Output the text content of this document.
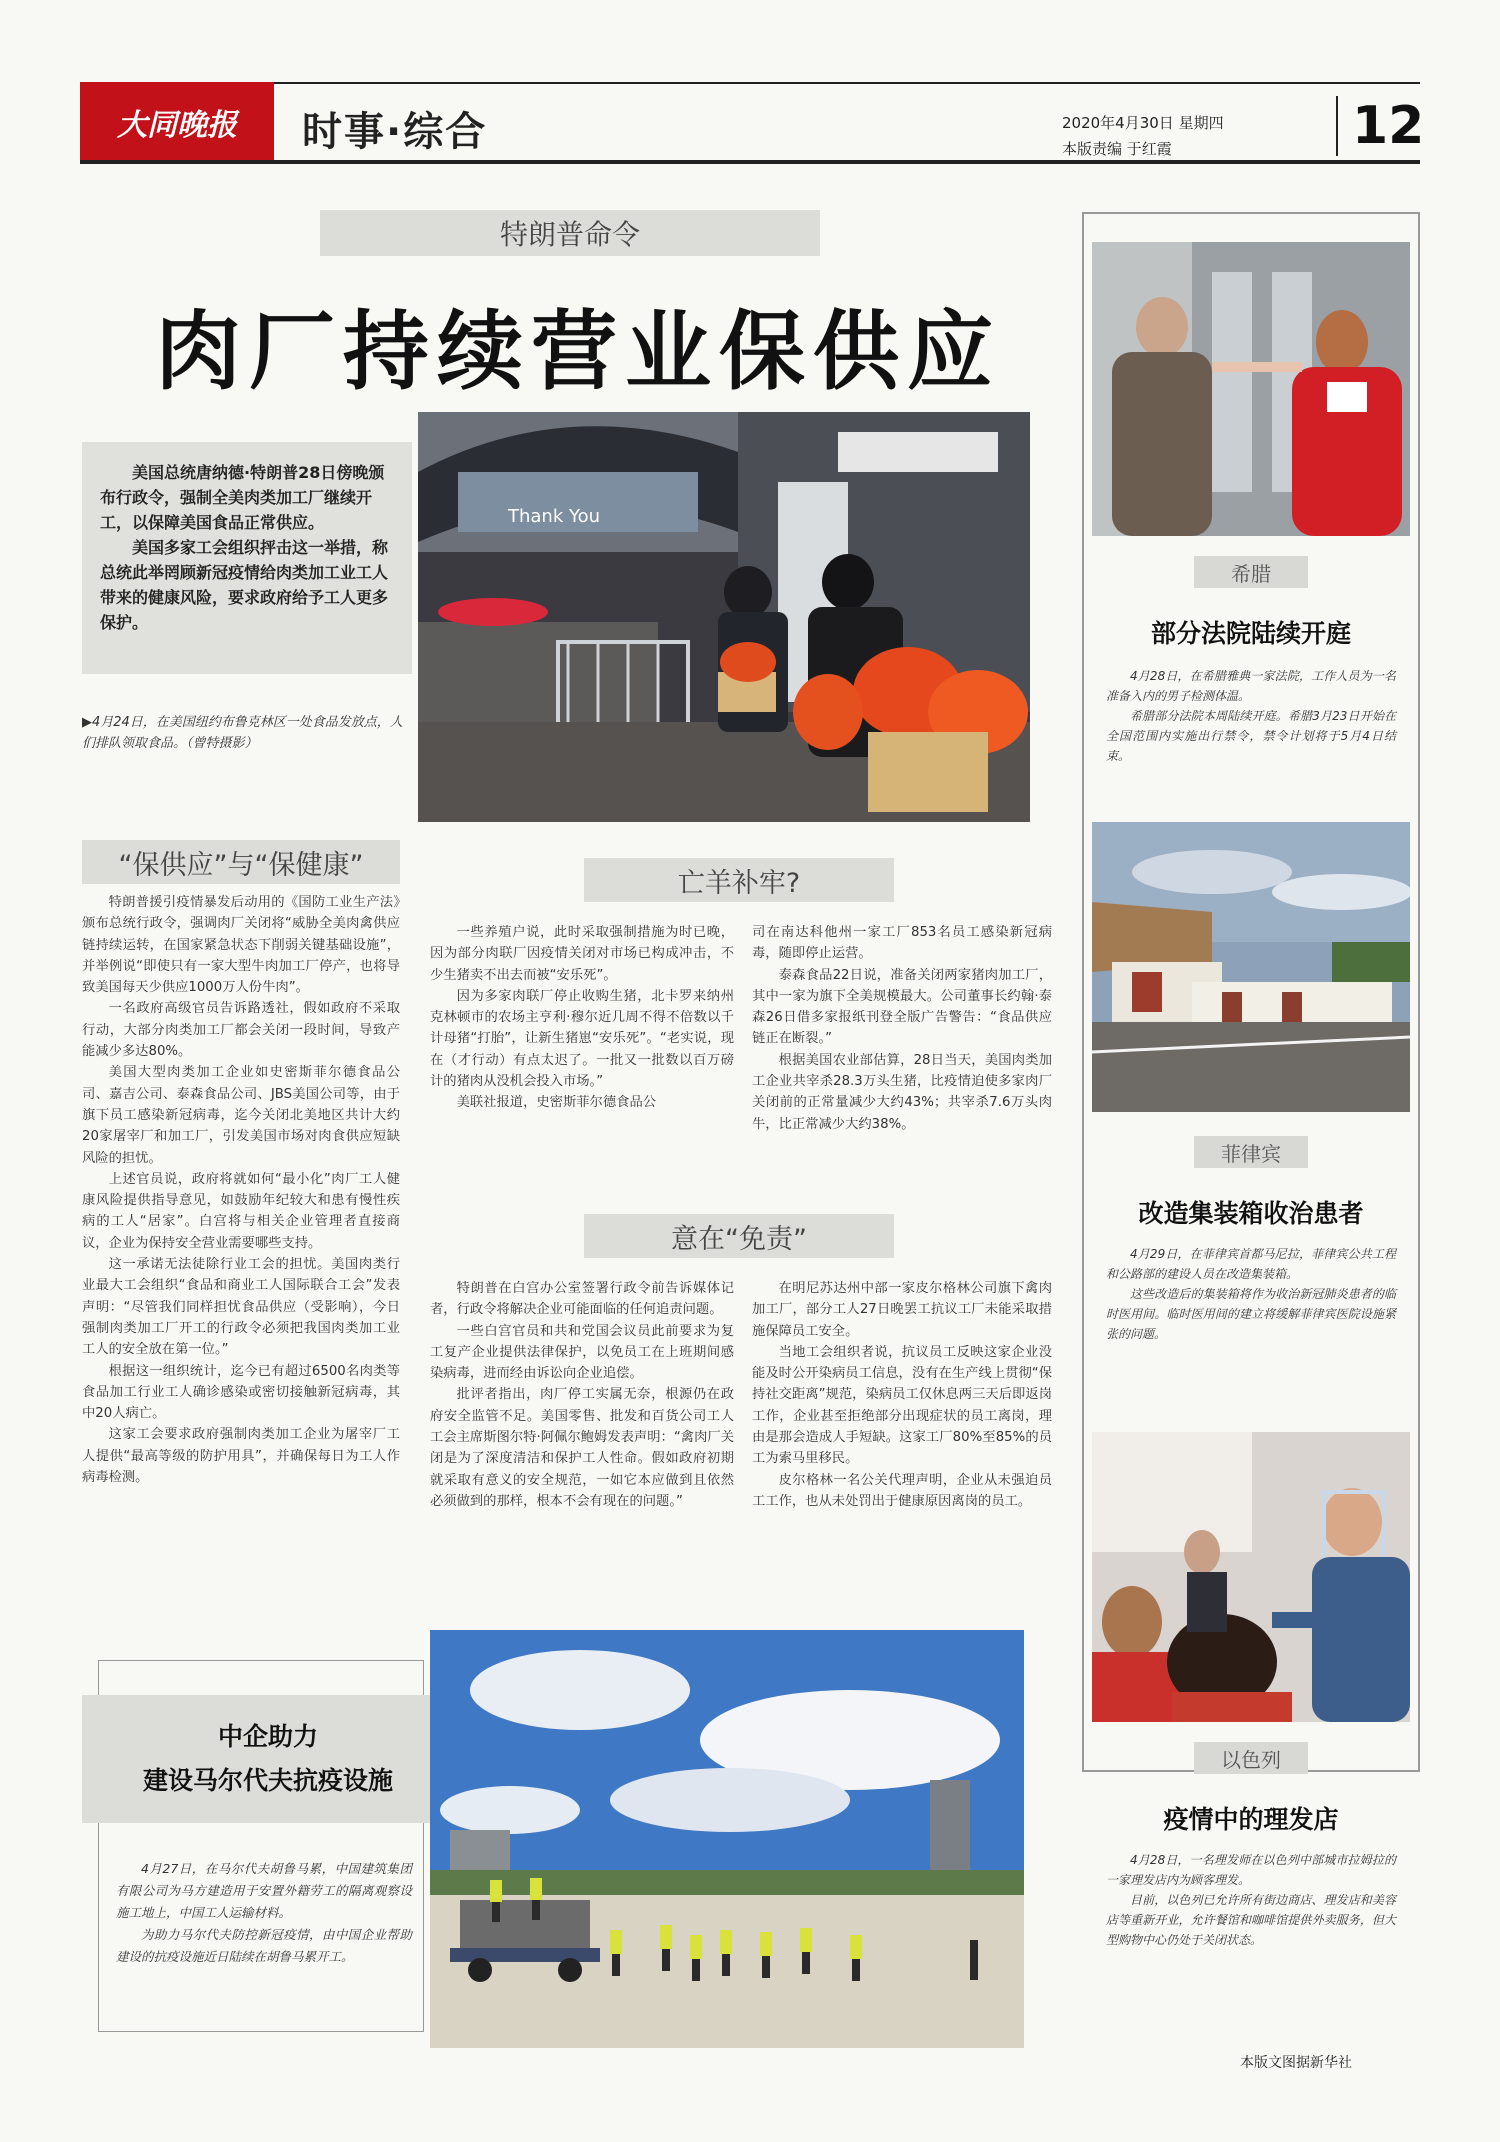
大同晚报	时事·综合	2020年4月30日 星期四
本版责编 于红霞	12
特朗普命令
肉厂持续营业保供应

美国总统唐纳德·特朗普28日傍晚颁布行政令，强制全美肉类加工厂继续开工，以保障美国食品正常供应。

美国多家工会组织抨击这一举措，称总统此举罔顾新冠疫情给肉类加工业工人带来的健康风险，要求政府给予工人更多保护。

▶4月24日，在美国纽约布鲁克林区一处食品发放点，人们排队领取食品。（曾特摄影）
Thank You
“保供应”与“保健康”

特朗普援引疫情暴发后动用的《国防工业生产法》颁布总统行政令，强调肉厂关闭将“威胁全美肉禽供应链持续运转，在国家紧急状态下削弱关键基础设施”，并举例说“即使只有一家大型牛肉加工厂停产，也将导致美国每天少供应1000万人份牛肉”。

一名政府高级官员告诉路透社，假如政府不采取行动，大部分肉类加工厂都会关闭一段时间，导致产能减少多达80%。

美国大型肉类加工企业如史密斯菲尔德食品公司、嘉吉公司、泰森食品公司、JBS美国公司等，由于旗下员工感染新冠病毒，迄今关闭北美地区共计大约20家屠宰厂和加工厂，引发美国市场对肉食供应短缺风险的担忧。

上述官员说，政府将就如何“最小化”肉厂工人健康风险提供指导意见，如鼓励年纪较大和患有慢性疾病的工人“居家”。白宫将与相关企业管理者直接商议，企业为保持安全营业需要哪些支持。

这一承诺无法徒除行业工会的担忧。美国肉类行业最大工会组织“食品和商业工人国际联合工会”发表声明：“尽管我们同样担忧食品供应（受影响），今日强制肉类加工厂开工的行政令必须把我国肉类加工业工人的安全放在第一位。”

根据这一组织统计，迄今已有超过6500名肉类等食品加工行业工人确诊感染或密切接触新冠病毒，其中20人病亡。

这家工会要求政府强制肉类加工企业为屠宰厂工人提供“最高等级的防护用具”，并确保每日为工人作病毒检测。

亡羊补牢?

一些养殖户说，此时采取强制措施为时已晚，因为部分肉联厂因疫情关闭对市场已构成冲击，不少生猪卖不出去而被“安乐死”。

因为多家肉联厂停止收购生猪，北卡罗来纳州克林顿市的农场主亨利·穆尔近几周不得不倍数以千计母猪“打胎”，让新生猪崽“安乐死”。“老实说，现在（才行动）有点太迟了。一批又一批数以百万磅计的猪肉从没机会投入市场。”

美联社报道，史密斯菲尔德食品公

司在南达科他州一家工厂853名员工感染新冠病毒，随即停止运营。

泰森食品22日说，准备关闭两家猪肉加工厂，其中一家为旗下全美规模最大。公司董事长约翰·泰森26日借多家报纸刊登全版广告警告：“食品供应链正在断裂。”

根据美国农业部估算，28日当天，美国肉类加工企业共宰杀28.3万头生猪，比疫情迫使多家肉厂关闭前的正常量减少大约43%；共宰杀7.6万头肉牛，比正常减少大约38%。

意在“免责”

特朗普在白宫办公室签署行政令前告诉媒体记者，行政令将解决企业可能面临的任何追责问题。

一些白宫官员和共和党国会议员此前要求为复工复产企业提供法律保护，以免员工在上班期间感染病毒，进而经由诉讼向企业追偿。

批评者指出，肉厂停工实属无奈，根源仍在政府安全监管不足。美国零售、批发和百货公司工人工会主席斯图尔特·阿佩尔鲍姆发表声明：“禽肉厂关闭是为了深度清洁和保护工人性命。假如政府初期就采取有意义的安全规范，一如它本应做到且依然必须做到的那样，根本不会有现在的问题。”

在明尼苏达州中部一家皮尔格林公司旗下禽肉加工厂，部分工人27日晚罢工抗议工厂未能采取措施保障员工安全。

当地工会组织者说，抗议员工反映这家企业没能及时公开染病员工信息，没有在生产线上贯彻“保持社交距离”规范，染病员工仅休息两三天后即返岗工作，企业甚至拒绝部分出现症状的员工离岗，理由是那会造成人手短缺。这家工厂80%至85%的员工为索马里移民。

皮尔格林一名公关代理声明，企业从未强迫员工工作，也从未处罚出于健康原因离岗的员工。

希腊
部分法院陆续开庭

4月28日，在希腊雅典一家法院，工作人员为一名准备入内的男子检测体温。

希腊部分法院本周陆续开庭。希腊3月23日开始在全国范围内实施出行禁令，禁令计划将于5月4日结束。

菲律宾
改造集装箱收治患者

4月29日，在菲律宾首都马尼拉，菲律宾公共工程和公路部的建设人员在改造集装箱。

这些改造后的集装箱将作为收治新冠肺炎患者的临时医用间。临时医用间的建立将缓解菲律宾医院设施紧张的问题。

以色列
疫情中的理发店

4月28日，一名理发师在以色列中部城市拉姆拉的一家理发店内为顾客理发。

目前，以色列已允许所有街边商店、理发店和美容店等重新开业，允许餐馆和咖啡馆提供外卖服务，但大型购物中心仍处于关闭状态。

中企助力
建设马尔代夫抗疫设施

4月27日，在马尔代夫胡鲁马累，中国建筑集团有限公司为马方建造用于安置外籍劳工的隔离观察设施工地上，中国工人运输材料。

为助力马尔代夫防控新冠疫情，由中国企业帮助建设的抗疫设施近日陆续在胡鲁马累开工。

本版文图据新华社
